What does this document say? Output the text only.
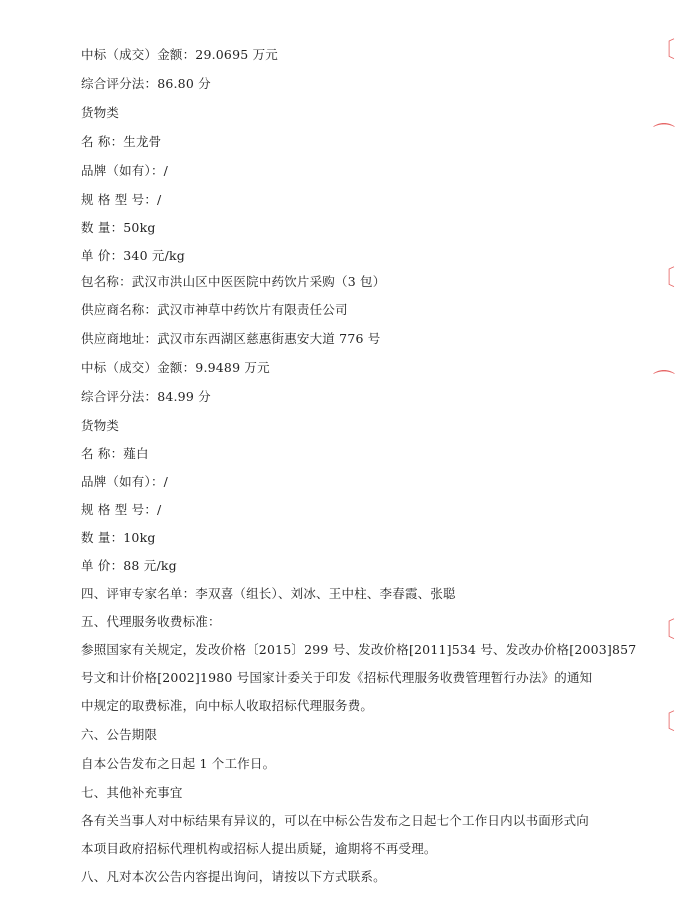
中标（成交）金额：29.0695 万元
综合评分法：86.80 分
货物类
名 称：生龙骨
品牌（如有）：/
规 格 型 号：/
数 量：50kg
单 价：340 元/kg
包名称：武汉市洪山区中医医院中药饮片采购（3 包）
供应商名称：武汉市神草中药饮片有限责任公司
供应商地址：武汉市东西湖区慈惠街惠安大道 776 号
中标（成交）金额：9.9489 万元
综合评分法：84.99 分
货物类
名 称：薤白
品牌（如有）：/
规 格 型 号：/
数 量：10kg
单 价：88 元/kg
四、评审专家名单：李双喜（组长）、刘冰、王中柱、李春霞、张聪
五、代理服务收费标准：
参照国家有关规定，发改价格〔2015〕299 号、发改价格[2011]534 号、发改办价格[2003]857
号文和计价格[2002]1980 号国家计委关于印发《招标代理服务收费管理暂行办法》的通知
中规定的取费标准，向中标人收取招标代理服务费。
六、公告期限
自本公告发布之日起 1 个工作日。
七、其他补充事宜
各有关当事人对中标结果有异议的，可以在中标公告发布之日起七个工作日内以书面形式向
本项目政府招标代理机构或招标人提出质疑，逾期将不再受理。
八、凡对本次公告内容提出询问，请按以下方式联系。
〔
⌒
〔
⌒
〔
〔
